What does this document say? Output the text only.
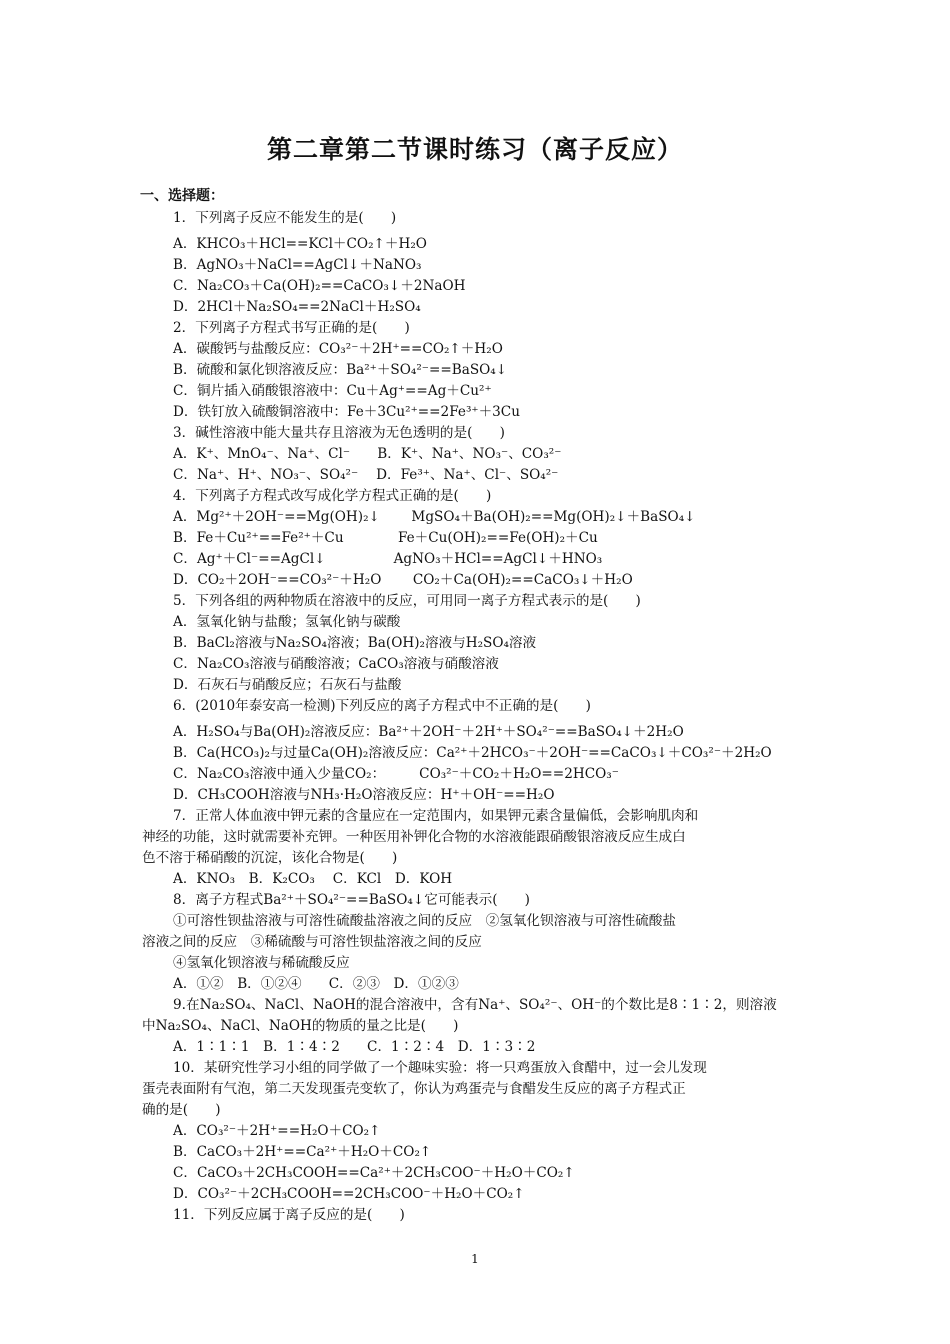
第二章第二节课时练习（离子反应）
一、选择题：
1．下列离子反应不能发生的是(　　)
A．KHCO₃＋HCl==KCl＋CO₂↑＋H₂O
B．AgNO₃＋NaCl==AgCl↓＋NaNO₃
C．Na₂CO₃＋Ca(OH)₂==CaCO₃↓＋2NaOH
D．2HCl＋Na₂SO₄==2NaCl＋H₂SO₄
2．下列离子方程式书写正确的是(　　)
A．碳酸钙与盐酸反应：CO₃²⁻＋2H⁺==CO₂↑＋H₂O
B．硫酸和氯化钡溶液反应：Ba²⁺＋SO₄²⁻==BaSO₄↓
C．铜片插入硝酸银溶液中：Cu＋Ag⁺==Ag＋Cu²⁺
D．铁钉放入硫酸铜溶液中：Fe＋3Cu²⁺==2Fe³⁺＋3Cu
3．碱性溶液中能大量共存且溶液为无色透明的是(　　)
A．K⁺、MnO₄⁻、Na⁺、Cl⁻　　B．K⁺、Na⁺、NO₃⁻、CO₃²⁻
C．Na⁺、H⁺、NO₃⁻、SO₄²⁻　 D．Fe³⁺、Na⁺、Cl⁻、SO₄²⁻
4．下列离子方程式改写成化学方程式正确的是(　　)
A．Mg²⁺＋2OH⁻==Mg(OH)₂↓　　 MgSO₄＋Ba(OH)₂==Mg(OH)₂↓＋BaSO₄↓
B．Fe＋Cu²⁺==Fe²⁺＋Cu　　　　Fe＋Cu(OH)₂==Fe(OH)₂＋Cu
C．Ag⁺＋Cl⁻==AgCl↓　　　　　AgNO₃＋HCl==AgCl↓＋HNO₃
D．CO₂＋2OH⁻==CO₃²⁻＋H₂O　　 CO₂＋Ca(OH)₂==CaCO₃↓＋H₂O
5．下列各组的两种物质在溶液中的反应，可用同一离子方程式表示的是(　　)
A．氢氧化钠与盐酸；氢氧化钠与碳酸
B．BaCl₂溶液与Na₂SO₄溶液；Ba(OH)₂溶液与H₂SO₄溶液
C．Na₂CO₃溶液与硝酸溶液；CaCO₃溶液与硝酸溶液
D．石灰石与硝酸反应；石灰石与盐酸
6．(2010年泰安高一检测)下列反应的离子方程式中不正确的是(　　)
A．H₂SO₄与Ba(OH)₂溶液反应：Ba²⁺＋2OH⁻＋2H⁺＋SO₄²⁻==BaSO₄↓＋2H₂O
B．Ca(HCO₃)₂与过量Ca(OH)₂溶液反应：Ca²⁺＋2HCO₃⁻＋2OH⁻==CaCO₃↓＋CO₃²⁻＋2H₂O
C．Na₂CO₃溶液中通入少量CO₂：　　　CO₃²⁻＋CO₂＋H₂O==2HCO₃⁻
D．CH₃COOH溶液与NH₃·H₂O溶液反应：H⁺＋OH⁻==H₂O
7．正常人体血液中钾元素的含量应在一定范围内，如果钾元素含量偏低，会影响肌肉和
神经的功能，这时就需要补充钾。一种医用补钾化合物的水溶液能跟硝酸银溶液反应生成白
色不溶于稀硝酸的沉淀，该化合物是(　　)
A．KNO₃　B．K₂CO₃　 C．KCl　D．KOH
8．离子方程式Ba²⁺＋SO₄²⁻==BaSO₄↓它可能表示(　　)
①可溶性钡盐溶液与可溶性硫酸盐溶液之间的反应　②氢氧化钡溶液与可溶性硫酸盐
溶液之间的反应　③稀硫酸与可溶性钡盐溶液之间的反应
④氢氧化钡溶液与稀硫酸反应
A．①②　B．①②④　　C．②③　D．①②③
9.在Na₂SO₄、NaCl、NaOH的混合溶液中，含有Na⁺、SO₄²⁻、OH⁻的个数比是8∶1∶2，则溶液
中Na₂SO₄、NaCl、NaOH的物质的量之比是(　　)
A．1∶1∶1　B．1∶4∶2　　C．1∶2∶4　D．1∶3∶2
10．某研究性学习小组的同学做了一个趣味实验：将一只鸡蛋放入食醋中，过一会儿发现
蛋壳表面附有气泡，第二天发现蛋壳变软了，你认为鸡蛋壳与食醋发生反应的离子方程式正
确的是(　　)
A．CO₃²⁻＋2H⁺==H₂O＋CO₂↑
B．CaCO₃＋2H⁺==Ca²⁺＋H₂O＋CO₂↑
C．CaCO₃＋2CH₃COOH==Ca²⁺＋2CH₃COO⁻＋H₂O＋CO₂↑
D．CO₃²⁻＋2CH₃COOH==2CH₃COO⁻＋H₂O＋CO₂↑
11．下列反应属于离子反应的是(　　)
1
